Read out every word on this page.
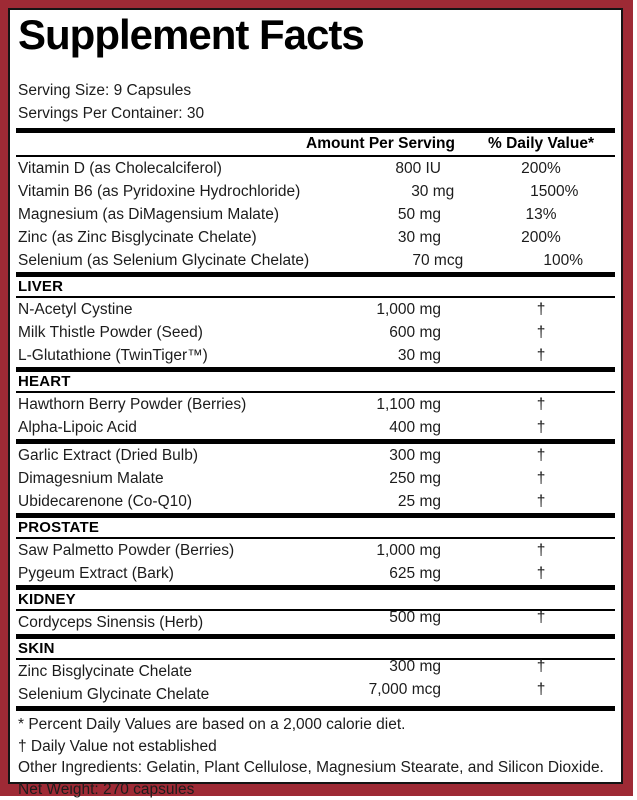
Supplement Facts

Serving Size: 9 Capsules

Servings Per Container: 30

Amount Per Serving	% Daily Value*
Vitamin D (as Cholecalciferol)	800 IU	200%
Vitamin B6 (as Pyridoxine Hydrochloride)	30 mg	1500%
Magnesium (as DiMagensium Malate)	50 mg	13%
Zinc (as Zinc Bisglycinate Chelate)	30 mg	200%
Selenium (as Selenium Glycinate Chelate)	70 mcg	100%
LIVER
N-Acetyl Cystine	1,000 mg	†
Milk Thistle Powder (Seed)	600 mg	†
L-Glutathione (TwinTiger™)	30 mg	†
HEART
Hawthorn Berry Powder (Berries)	1,100 mg	†
Alpha-Lipoic Acid	400 mg	†
Garlic Extract (Dried Bulb)	300 mg	†
Dimagesnium Malate	250 mg	†
Ubidecarenone (Co-Q10)	25 mg	†
PROSTATE
Saw Palmetto Powder (Berries)	1,000 mg	†
Pygeum Extract (Bark)	625 mg	†
KIDNEY
Cordyceps Sinensis (Herb)	500 mg	†
SKIN
Zinc Bisglycinate Chelate	300 mg	†
Selenium Glycinate Chelate	7,000 mcg	†

* Percent Daily Values are based on a 2,000 calorie diet.

† Daily Value not established

Other Ingredients: Gelatin, Plant Cellulose, Magnesium Stearate, and Silicon Dioxide.

Net Weight: 270 capsules
